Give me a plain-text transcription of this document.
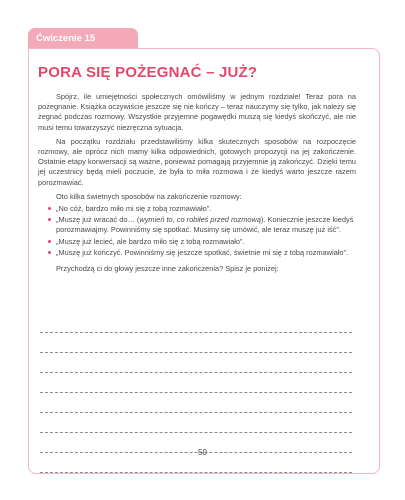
Ćwiczenie 15
PORA SIĘ POŻEGNAĆ – JUŻ?

Spójrz, ile umiejętności społecznych omówiliśmy w jednym rozdziale! Teraz pora na pożegnanie. Książka oczywiście jeszcze się nie kończy – teraz nauczymy się tylko, jak należy się żegnać podczas rozmowy. Wszystkie przyjemne pogawędki muszą się kiedyś skończyć, ale nie musi temu towarzyszyć niezręczna sytuacja.

Na początku rozdziału przedstawiliśmy kilka skutecznych sposobów na rozpoczęcie rozmowy, ale oprócz nich mamy kilka odpowiednich, gotowych propozycji na jej zakończenie. Ostatnie etapy konwersacji są ważne, ponieważ pomagają przyjemnie ją zakończyć. Dzięki temu jej uczestnicy będą mieli poczucie, że była to miła rozmowa i że kiedyś warto jeszcze razem porozmawiać.

Oto kilka świetnych sposobów na zakończenie rozmowy:

„No cóż, bardzo miło mi się z tobą rozmawiało”.
„Muszę już wracać do… (wymień to, co robiłeś przed rozmową). Koniecznie jeszcze kiedyś porozmawiajmy. Powinniśmy się spotkać. Musimy się umówić, ale teraz muszę już iść”.
„Muszę już lecieć, ale bardzo miło się z tobą rozmawiało”.
„Muszę już kończyć. Powinniśmy się jeszcze spotkać, świetnie mi się z tobą rozmawiało”.

Przychodzą ci do głowy jeszcze inne zakończenia? Spisz je poniżej:

50
